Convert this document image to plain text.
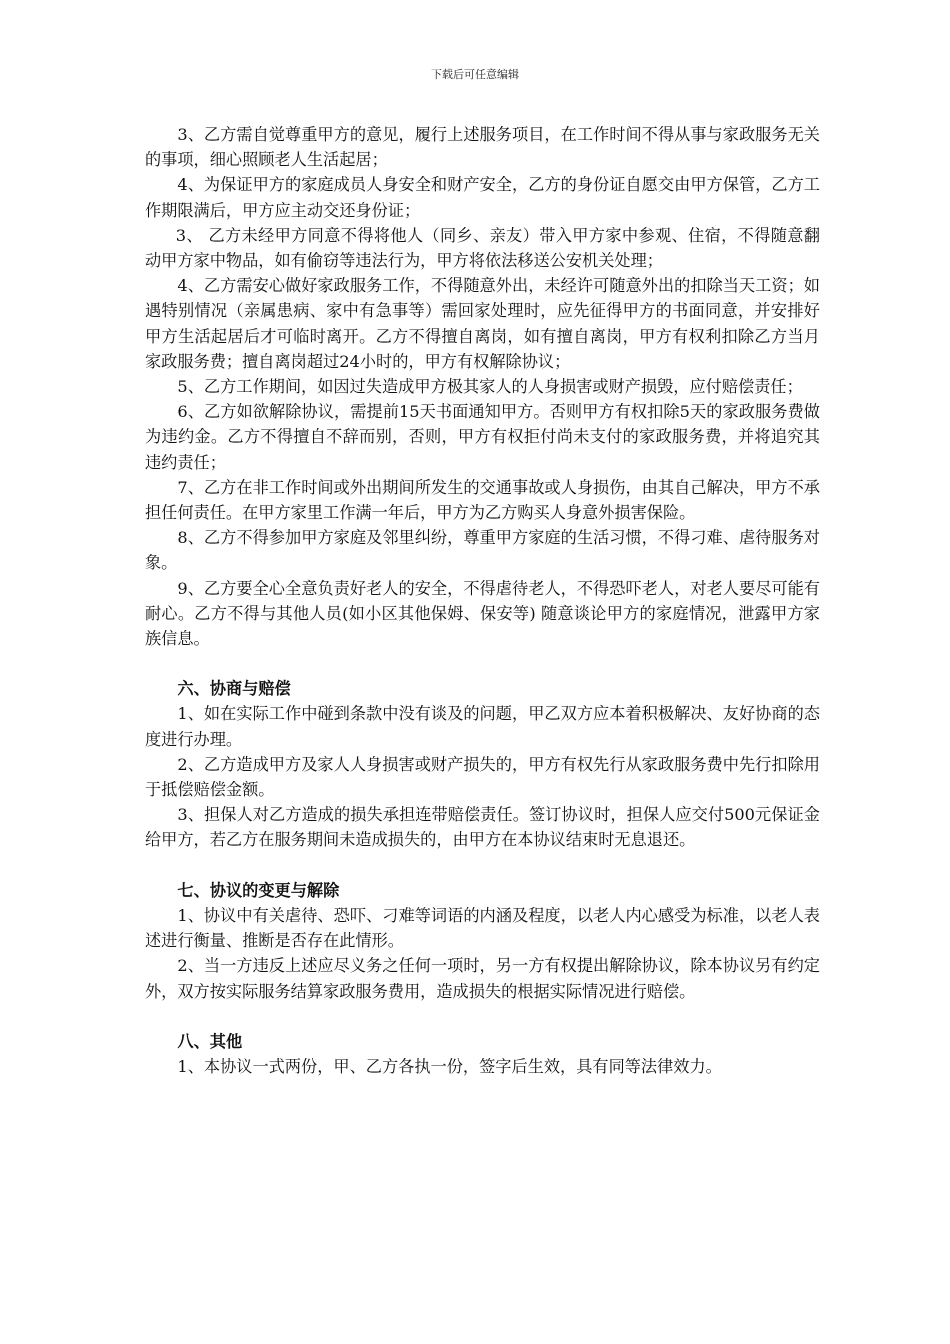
下载后可任意编辑

3、乙方需自觉尊重甲方的意见，履行上述服务项目，在工作时间不得从事与家政服务无关的事项，细心照顾老人生活起居；

4、为保证甲方的家庭成员人身安全和财产安全，乙方的身份证自愿交由甲方保管，乙方工作期限满后，甲方应主动交还身份证；

3、 乙方未经甲方同意不得将他人（同乡、亲友）带入甲方家中参观、住宿，不得随意翻动甲方家中物品，如有偷窃等违法行为，甲方将依法移送公安机关处理；

4、乙方需安心做好家政服务工作，不得随意外出，未经许可随意外出的扣除当天工资；如遇特别情况（亲属患病、家中有急事等）需回家处理时，应先征得甲方的书面同意，并安排好甲方生活起居后才可临时离开。乙方不得擅自离岗，如有擅自离岗，甲方有权利扣除乙方当月家政服务费；擅自离岗超过24小时的，甲方有权解除协议；

5、乙方工作期间，如因过失造成甲方极其家人的人身损害或财产损毁，应付赔偿责任；

6、乙方如欲解除协议，需提前15天书面通知甲方。否则甲方有权扣除5天的家政服务费做为违约金。乙方不得擅自不辞而别，否则，甲方有权拒付尚未支付的家政服务费，并将追究其违约责任；

7、乙方在非工作时间或外出期间所发生的交通事故或人身损伤，由其自己解决，甲方不承担任何责任。在甲方家里工作满一年后，甲方为乙方购买人身意外损害保险。

8、乙方不得参加甲方家庭及邻里纠纷，尊重甲方家庭的生活习惯，不得刁难、虐待服务对象。

9、乙方要全心全意负责好老人的安全，不得虐待老人，不得恐吓老人，对老人要尽可能有耐心。乙方不得与其他人员(如小区其他保姆、保安等) 随意谈论甲方的家庭情况，泄露甲方家族信息。

六、协商与赔偿

1、如在实际工作中碰到条款中没有谈及的问题，甲乙双方应本着积极解决、友好协商的态度进行办理。

2、乙方造成甲方及家人人身损害或财产损失的，甲方有权先行从家政服务费中先行扣除用于抵偿赔偿金额。

3、担保人对乙方造成的损失承担连带赔偿责任。签订协议时，担保人应交付500元保证金给甲方，若乙方在服务期间未造成损失的，由甲方在本协议结束时无息退还。

七、协议的变更与解除

1、协议中有关虐待、恐吓、刁难等词语的内涵及程度，以老人内心感受为标准，以老人表述进行衡量、推断是否存在此情形。

2、当一方违反上述应尽义务之任何一项时，另一方有权提出解除协议，除本协议另有约定外，双方按实际服务结算家政服务费用，造成损失的根据实际情况进行赔偿。

八、其他

1、本协议一式两份，甲、乙方各执一份，签字后生效，具有同等法律效力。
